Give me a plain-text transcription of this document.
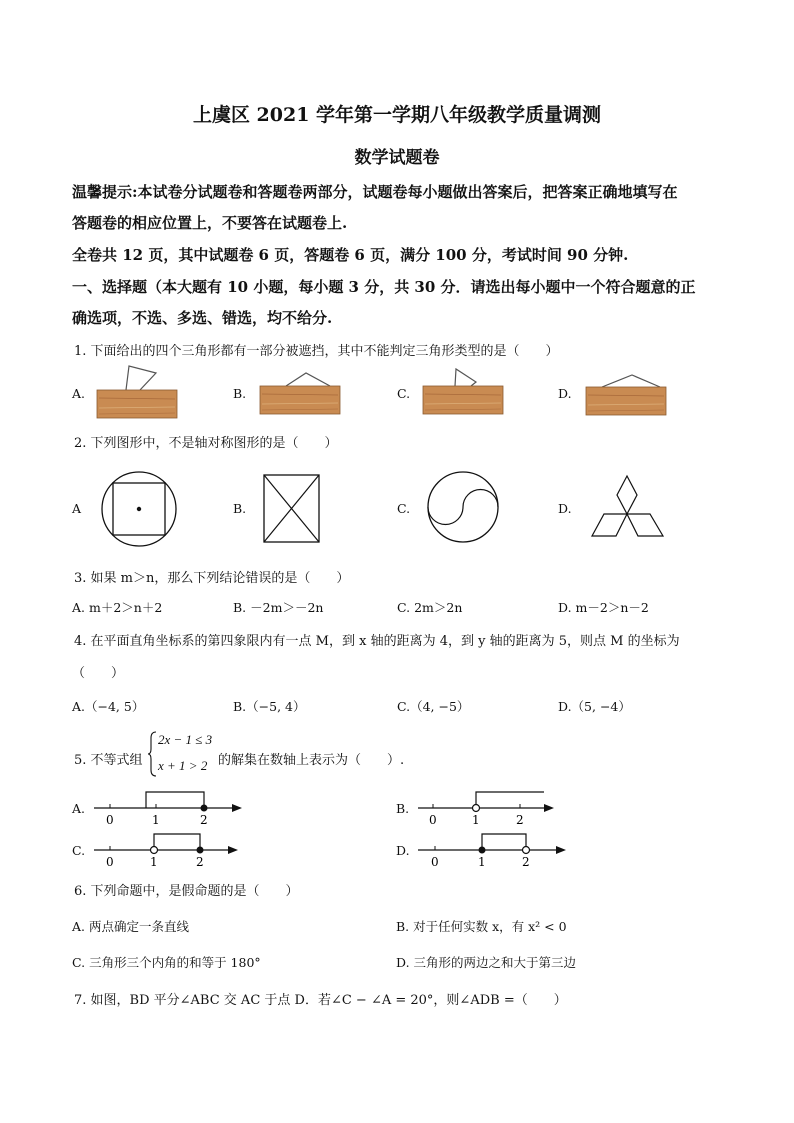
上虞区 2021 学年第一学期八年级教学质量调测
数学试题卷
温馨提示:本试卷分试题卷和答题卷两部分，试题卷每小题做出答案后，把答案正确地填写在
答题卷的相应位置上，不要答在试题卷上.
全卷共 12 页，其中试题卷 6 页，答题卷 6 页，满分 100 分，考试时间 90 分钟.
一、选择题（本大题有 10 小题，每小题 3 分，共 30 分．请选出每小题中一个符合题意的正
确选项，不选、多选、错选，均不给分.
1. 下面给出的四个三角形都有一部分被遮挡，其中不能判定三角形类型的是（　　）
A.	B.	C.	D.
2. 下列图形中，不是轴对称图形的是（　　）
A	B.	C.	D.
3. 如果 m＞n，那么下列结论错误的是（　　）
A. m＋2＞n＋2	B. －2m＞－2n	C. 2m＞2n	D. m－2＞n－2
4. 在平面直角坐标系的第四象限内有一点 M，到 x 轴的距离为 4，到 y 轴的距离为 5，则点 M 的坐标为
（　　）
A.（−4, 5）	B.（−5, 4）	C.（4, −5）	D.（5, −4）
5. 不等式组
2x − 1 ≤ 3
x + 1 > 2 的解集在数轴上表示为（　　）.
A.	B.
C.	D.
0	1	2	0	1	2
0	1	2	0	1	2
6. 下列命题中，是假命题的是（　　）
A. 两点确定一条直线	B. 对于任何实数 x，有 x² < 0
C. 三角形三个内角的和等于 180°	D. 三角形的两边之和大于第三边
7. 如图，BD 平分∠ABC 交 AC 于点 D．若∠C − ∠A = 20°，则∠ADB =（　　）
